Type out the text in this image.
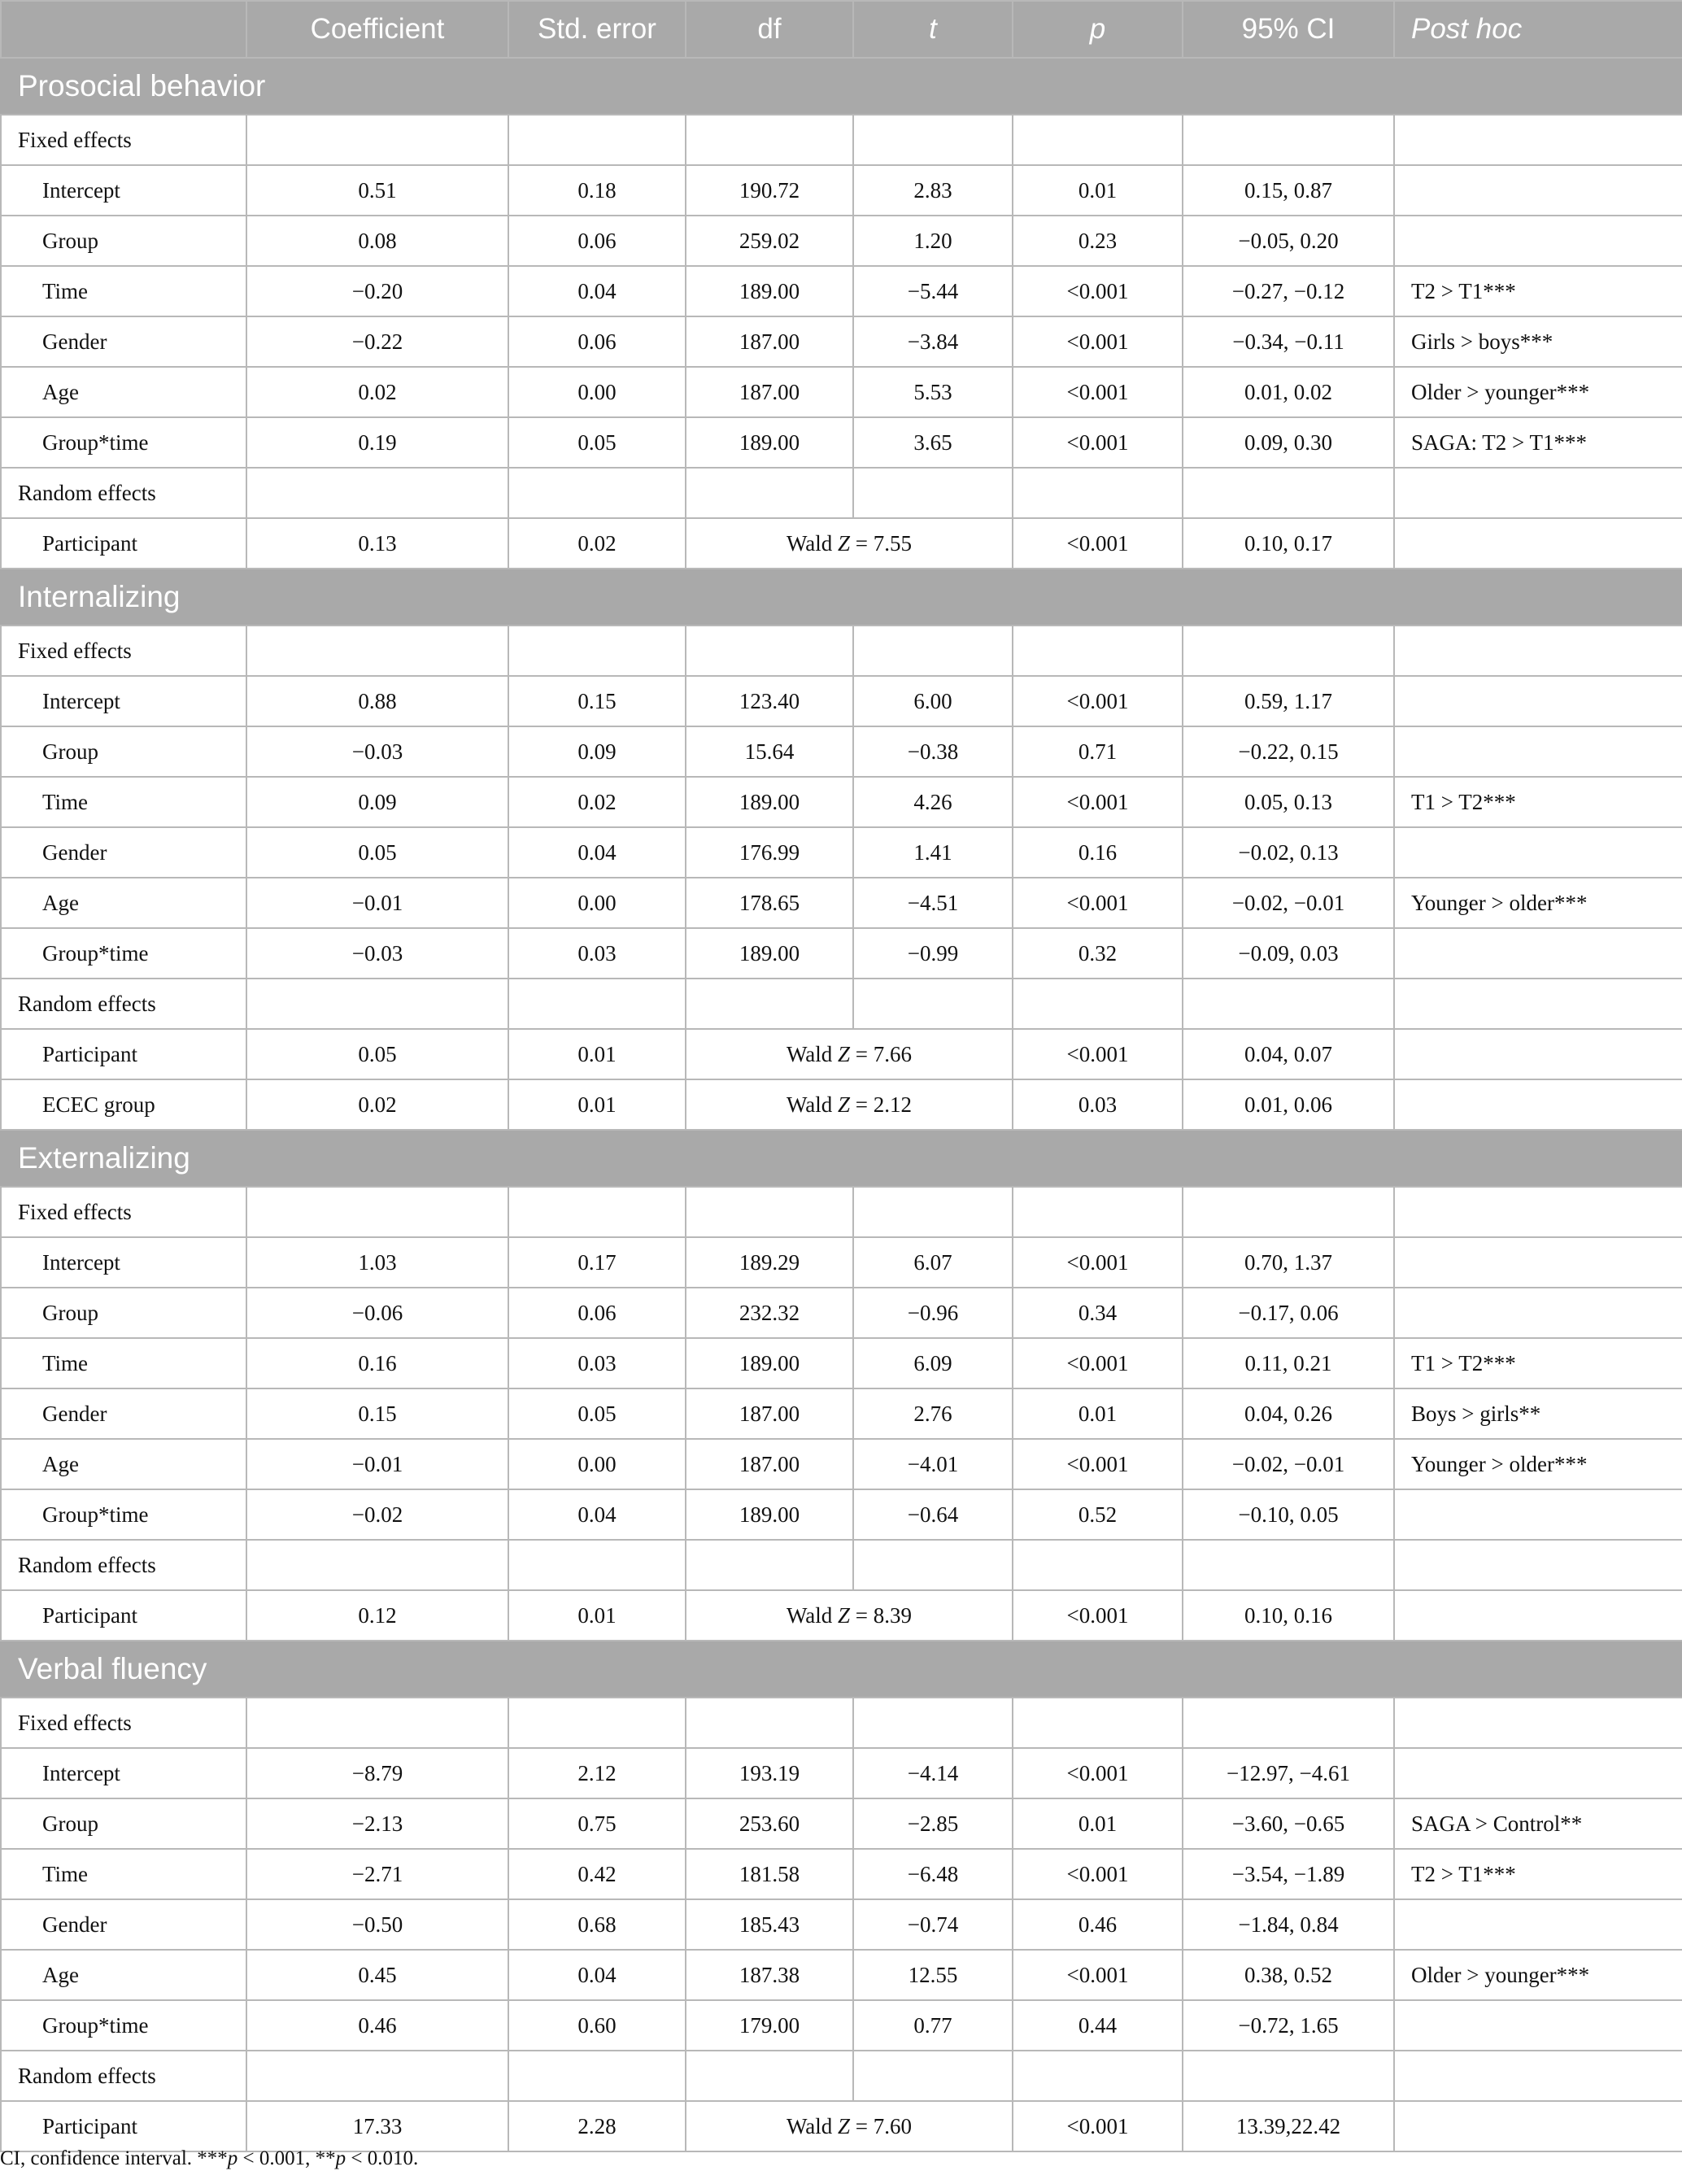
	Coefficient	Std. error	df	t	p	95% CI	Post hoc
Prosocial behavior							
Fixed effects							
Intercept	0.51	0.18	190.72	2.83	0.01	0.15, 0.87	
Group	0.08	0.06	259.02	1.20	0.23	−0.05, 0.20	
Time	−0.20	0.04	189.00	−5.44	<0.001	−0.27, −0.12	T2 > T1***
Gender	−0.22	0.06	187.00	−3.84	<0.001	−0.34, −0.11	Girls > boys***
Age	0.02	0.00	187.00	5.53	<0.001	0.01, 0.02	Older > younger***
Group*time	0.19	0.05	189.00	3.65	<0.001	0.09, 0.30	SAGA: T2 > T1***
Random effects							
Participant	0.13	0.02	Wald Z = 7.55		<0.001	0.10, 0.17	
Internalizing							
Fixed effects							
Intercept	0.88	0.15	123.40	6.00	<0.001	0.59, 1.17	
Group	−0.03	0.09	15.64	−0.38	0.71	−0.22, 0.15	
Time	0.09	0.02	189.00	4.26	<0.001	0.05, 0.13	T1 > T2***
Gender	0.05	0.04	176.99	1.41	0.16	−0.02, 0.13	
Age	−0.01	0.00	178.65	−4.51	<0.001	−0.02, −0.01	Younger > older***
Group*time	−0.03	0.03	189.00	−0.99	0.32	−0.09, 0.03	
Random effects							
Participant	0.05	0.01	Wald Z = 7.66		<0.001	0.04, 0.07	
ECEC group	0.02	0.01	Wald Z = 2.12		0.03	0.01, 0.06	
Externalizing							
Fixed effects							
Intercept	1.03	0.17	189.29	6.07	<0.001	0.70, 1.37	
Group	−0.06	0.06	232.32	−0.96	0.34	−0.17, 0.06	
Time	0.16	0.03	189.00	6.09	<0.001	0.11, 0.21	T1 > T2***
Gender	0.15	0.05	187.00	2.76	0.01	0.04, 0.26	Boys > girls**
Age	−0.01	0.00	187.00	−4.01	<0.001	−0.02, −0.01	Younger > older***
Group*time	−0.02	0.04	189.00	−0.64	0.52	−0.10, 0.05	
Random effects							
Participant	0.12	0.01	Wald Z = 8.39		<0.001	0.10, 0.16	
Verbal fluency							
Fixed effects							
Intercept	−8.79	2.12	193.19	−4.14	<0.001	−12.97, −4.61	
Group	−2.13	0.75	253.60	−2.85	0.01	−3.60, −0.65	SAGA > Control**
Time	−2.71	0.42	181.58	−6.48	<0.001	−3.54, −1.89	T2 > T1***
Gender	−0.50	0.68	185.43	−0.74	0.46	−1.84, 0.84	
Age	0.45	0.04	187.38	12.55	<0.001	0.38, 0.52	Older > younger***
Group*time	0.46	0.60	179.00	0.77	0.44	−0.72, 1.65	
Random effects							
Participant	17.33	2.28	Wald Z = 7.60		<0.001	13.39,22.42	
CI, confidence interval. ***p < 0.001, **p < 0.010.
